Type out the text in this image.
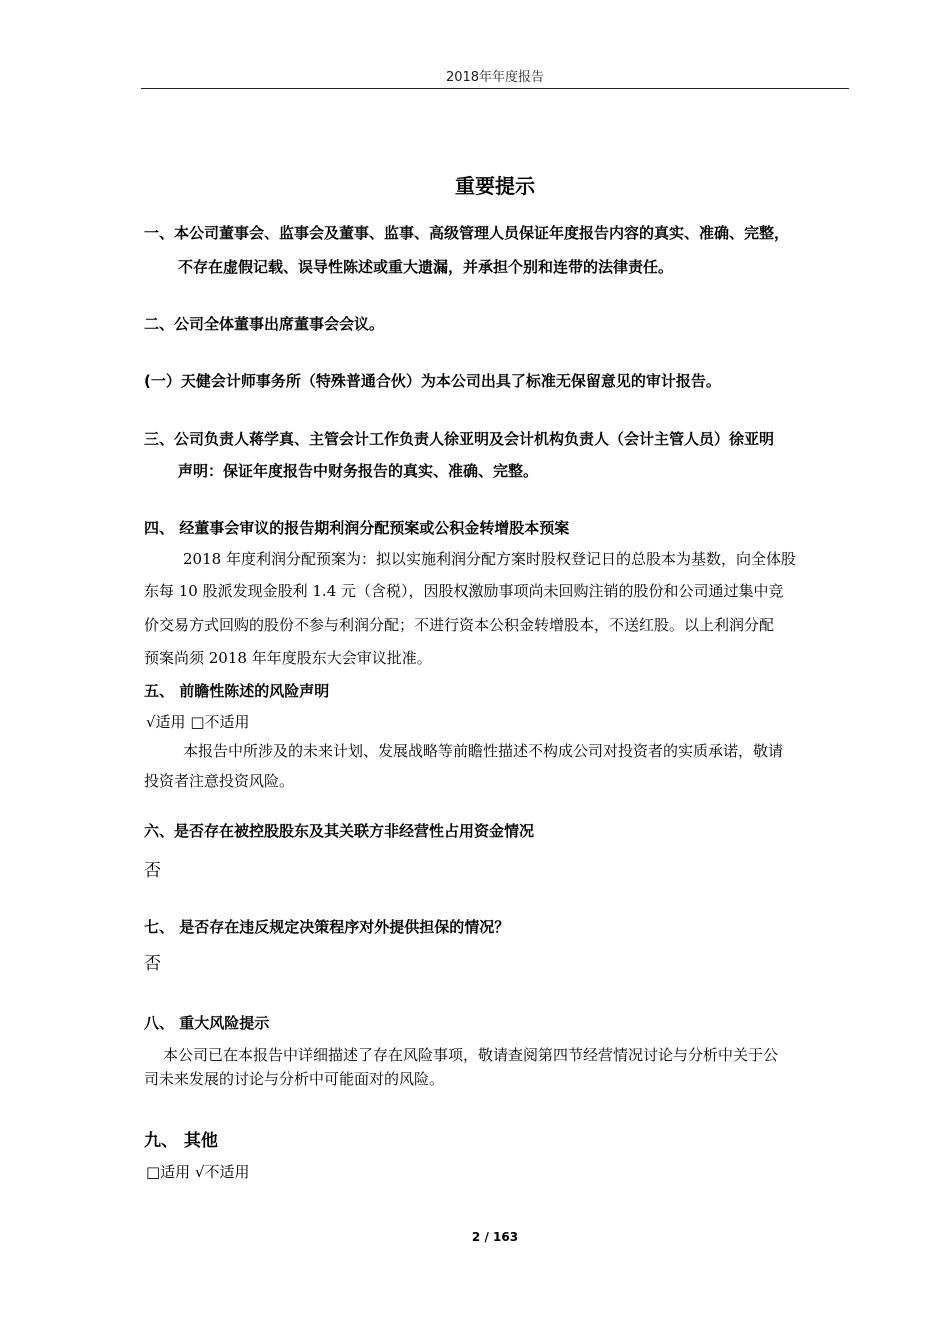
2018年年度报告
重要提示
一、本公司董事会、监事会及董事、监事、高级管理人员保证年度报告内容的真实、准确、完整，
不存在虚假记载、误导性陈述或重大遗漏，并承担个别和连带的法律责任。
二、公司全体董事出席董事会会议。
(一）天健会计师事务所（特殊普通合伙）为本公司出具了标准无保留意见的审计报告。
三、公司负责人蒋学真、主管会计工作负责人徐亚明及会计机构负责人（会计主管人员）徐亚明
声明：保证年度报告中财务报告的真实、准确、完整。
四、 经董事会审议的报告期利润分配预案或公积金转增股本预案
2018 年度利润分配预案为：拟以实施利润分配方案时股权登记日的总股本为基数，向全体股
东每 10 股派发现金股利 1.4 元（含税），因股权激励事项尚未回购注销的股份和公司通过集中竞
价交易方式回购的股份不参与利润分配；不进行资本公积金转增股本，不送红股。以上利润分配
预案尚须 2018 年年度股东大会审议批准。
五、 前瞻性陈述的风险声明
√适用 □不适用
本报告中所涉及的未来计划、发展战略等前瞻性描述不构成公司对投资者的实质承诺，敬请
投资者注意投资风险。
六、是否存在被控股股东及其关联方非经营性占用资金情况
否
七、 是否存在违反规定决策程序对外提供担保的情况？
否
八、 重大风险提示
本公司已在本报告中详细描述了存在风险事项，敬请查阅第四节经营情况讨论与分析中关于公
司未来发展的讨论与分析中可能面对的风险。
九、 其他
□适用 √不适用
2 / 163
